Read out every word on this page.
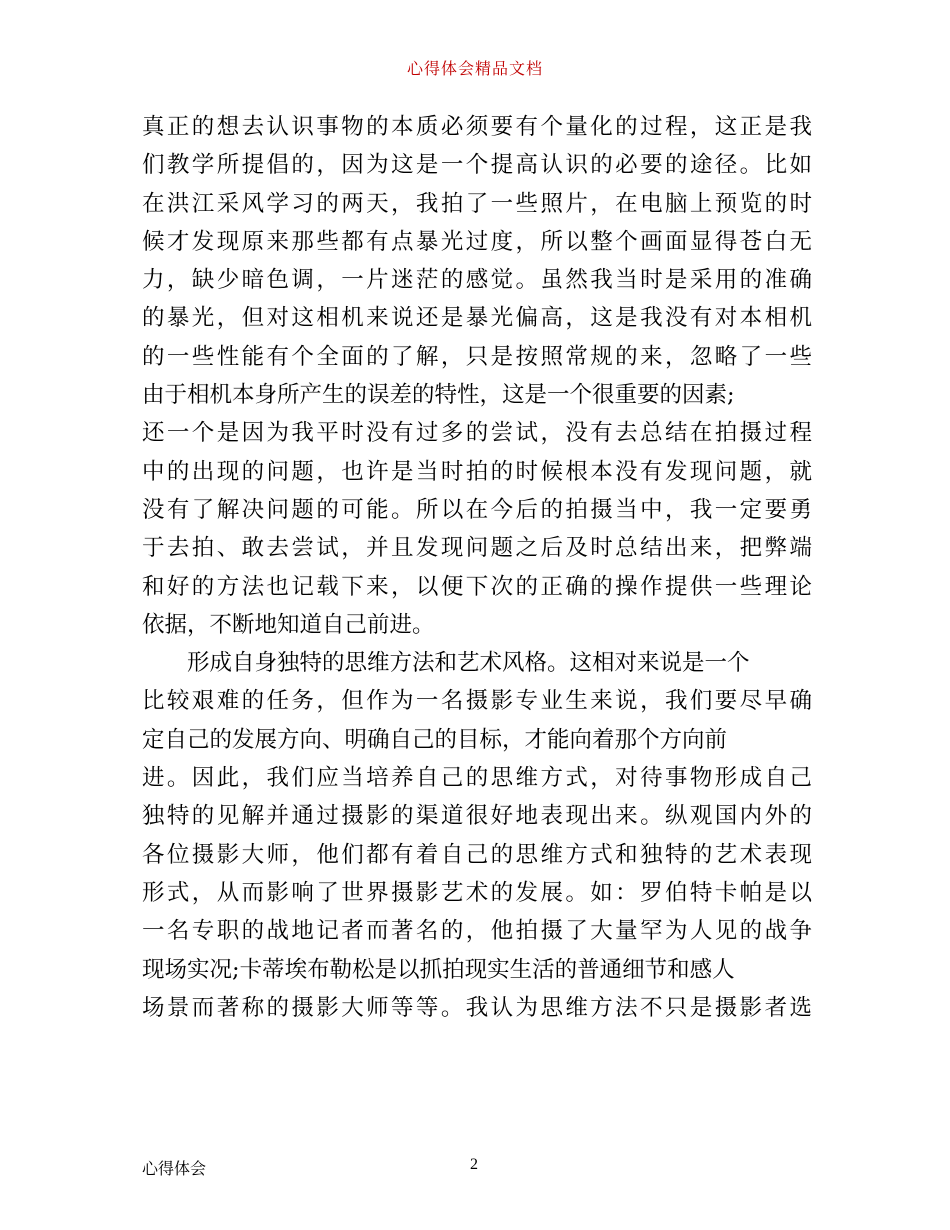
心得体会精品文档
真正的想去认识事物的本质必须要有个量化的过程，这正是我
们教学所提倡的，因为这是一个提高认识的必要的途径。比如
在洪江采风学习的两天，我拍了一些照片，在电脑上预览的时
候才发现原来那些都有点暴光过度，所以整个画面显得苍白无
力，缺少暗色调，一片迷茫的感觉。虽然我当时是采用的准确
的暴光，但对这相机来说还是暴光偏高，这是我没有对本相机
的一些性能有个全面的了解，只是按照常规的来，忽略了一些
由于相机本身所产生的误差的特性，这是一个很重要的因素;
还一个是因为我平时没有过多的尝试，没有去总结在拍摄过程
中的出现的问题，也许是当时拍的时候根本没有发现问题，就
没有了解决问题的可能。所以在今后的拍摄当中，我一定要勇
于去拍、敢去尝试，并且发现问题之后及时总结出来，把弊端
和好的方法也记载下来，以便下次的正确的操作提供一些理论
依据，不断地知道自己前进。
形成自身独特的思维方法和艺术风格。这相对来说是一个
比较艰难的任务，但作为一名摄影专业生来说，我们要尽早确
定自己的发展方向、明确自己的目标，才能向着那个方向前
进。因此，我们应当培养自己的思维方式，对待事物形成自己
独特的见解并通过摄影的渠道很好地表现出来。纵观国内外的
各位摄影大师，他们都有着自己的思维方式和独特的艺术表现
形式，从而影响了世界摄影艺术的发展。如：罗伯特卡帕是以
一名专职的战地记者而著名的，他拍摄了大量罕为人见的战争
现场实况;卡蒂埃布勒松是以抓拍现实生活的普通细节和感人
场景而著称的摄影大师等等。我认为思维方法不只是摄影者选
心得体会	2
